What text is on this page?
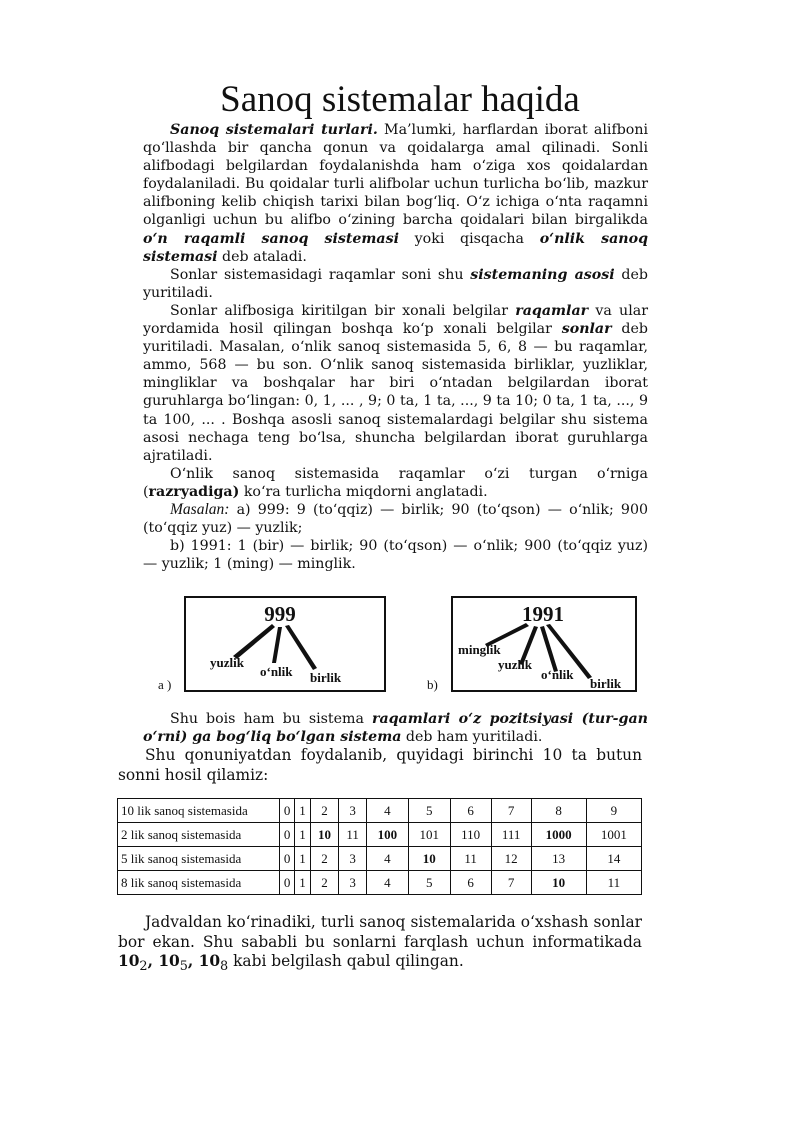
Sanoq sistemalar haqida

Sanoq sistemalari turlari. Ma’lumki, harflardan iborat alifboni qo‘llashda bir qancha qonun va qoidalarga amal qilinadi. Sonli alifbodagi belgilardan foydalanishda ham o‘ziga xos qoidalardan foydalaniladi. Bu qoidalar turli alifbolar uchun turlicha bo‘lib, mazkur alifboning kelib chiqish tarixi bilan bog‘liq. O‘z ichiga o‘nta raqamni olganligi uchun bu alifbo o‘zining barcha qoidalari bilan birgalikda o‘n raqamli sanoq sistemasi yoki qisqacha o‘nlik sanoq sistemasi deb ataladi.

Sonlar sistemasidagi raqamlar soni shu sistemaning asosi deb yuritiladi.

Sonlar alifbosiga kiritilgan bir xonali belgilar raqamlar va ular yordamida hosil qilingan boshqa ko‘p xonali belgilar sonlar deb yuritiladi. Masalan, o‘nlik sanoq sistemasida 5, 6, 8 — bu raqamlar, ammo, 568 — bu son. O‘nlik sanoq sistemasida birliklar, yuzliklar, mingliklar va boshqalar har biri o‘ntadan belgilardan iborat guruhlarga bo‘lingan: 0, 1, ... , 9; 0 ta, 1 ta, ..., 9 ta 10; 0 ta, 1 ta, ..., 9 ta 100, ... . Boshqa asosli sanoq sistemalardagi belgilar shu sistema asosi nechaga teng bo‘lsa, shuncha belgilardan iborat guruhlarga ajratiladi.

O‘nlik sanoq sistemasida raqamlar o‘zi turgan o‘rniga (razryadiga) ko‘ra turlicha miqdorni anglatadi.

Masalan: a) 999: 9 (to‘qqiz) — birlik; 90 (to‘qson) — o‘nlik; 900 (to‘qqiz yuz) — yuzlik;

b) 1991: 1 (bir) — birlik; 90 (to‘qson) — o‘nlik; 900 (to‘qqiz yuz) — yuzlik; 1 (ming) — minglik.

999
yuzlik
o‘nlik birlik
a )
1991
minglik
yuzlik
o‘nlik
birlik
b)

Shu bois ham bu sistema raqamlari o‘z pozitsiyasi (tur-gan o‘rni) ga bog‘liq bo‘lgan sistema deb ham yuritiladi.

Shu qonuniyatdan foydalanib, quyidagi birinchi 10 ta butun sonni hosil qilamiz:

10 lik sanoq sistemasida	0	1	2	3	4	5	6	7	8	9
2 lik sanoq sistemasida	0	1	10	11	100	101	110	111	1000	1001
5 lik sanoq sistemasida	0	1	2	3	4	10	11	12	13	14
8 lik sanoq sistemasida	0	1	2	3	4	5	6	7	10	11

Jadvaldan ko‘rinadiki, turli sanoq sistemalarida o‘xshash sonlar bor ekan. Shu sababli bu sonlarni farqlash uchun informatikada $10_2$, $10_5$, $10_8$ kabi belgilash qabul qilingan.
